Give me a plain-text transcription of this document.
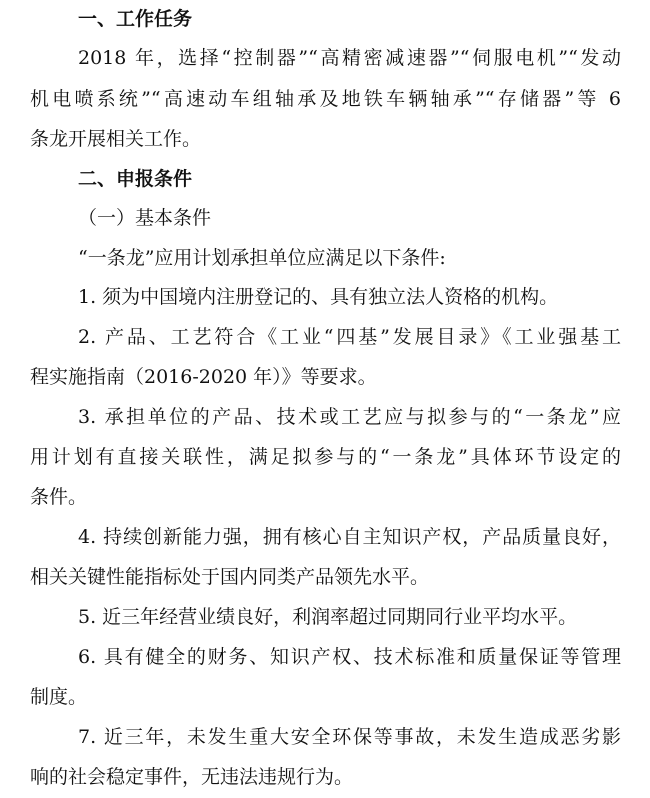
一、工作任务
2018 年，选择“控制器”“高精密减速器”“伺服电机”“发动
机电喷系统”“高速动车组轴承及地铁车辆轴承”“存储器”等 6
条龙开展相关工作。
二、申报条件
（一）基本条件
“一条龙”应用计划承担单位应满足以下条件:
1. 须为中国境内注册登记的、具有独立法人资格的机构。
2. 产品、工艺符合《工业“四基”发展目录》《工业强基工
程实施指南（2016-2020 年）》等要求。
3. 承担单位的产品、技术或工艺应与拟参与的“一条龙”应
用计划有直接关联性，满足拟参与的“一条龙”具体环节设定的
条件。
4. 持续创新能力强，拥有核心自主知识产权，产品质量良好，
相关关键性能指标处于国内同类产品领先水平。
5. 近三年经营业绩良好，利润率超过同期同行业平均水平。
6. 具有健全的财务、知识产权、技术标准和质量保证等管理
制度。
7. 近三年，未发生重大安全环保等事故，未发生造成恶劣影
响的社会稳定事件，无违法违规行为。
